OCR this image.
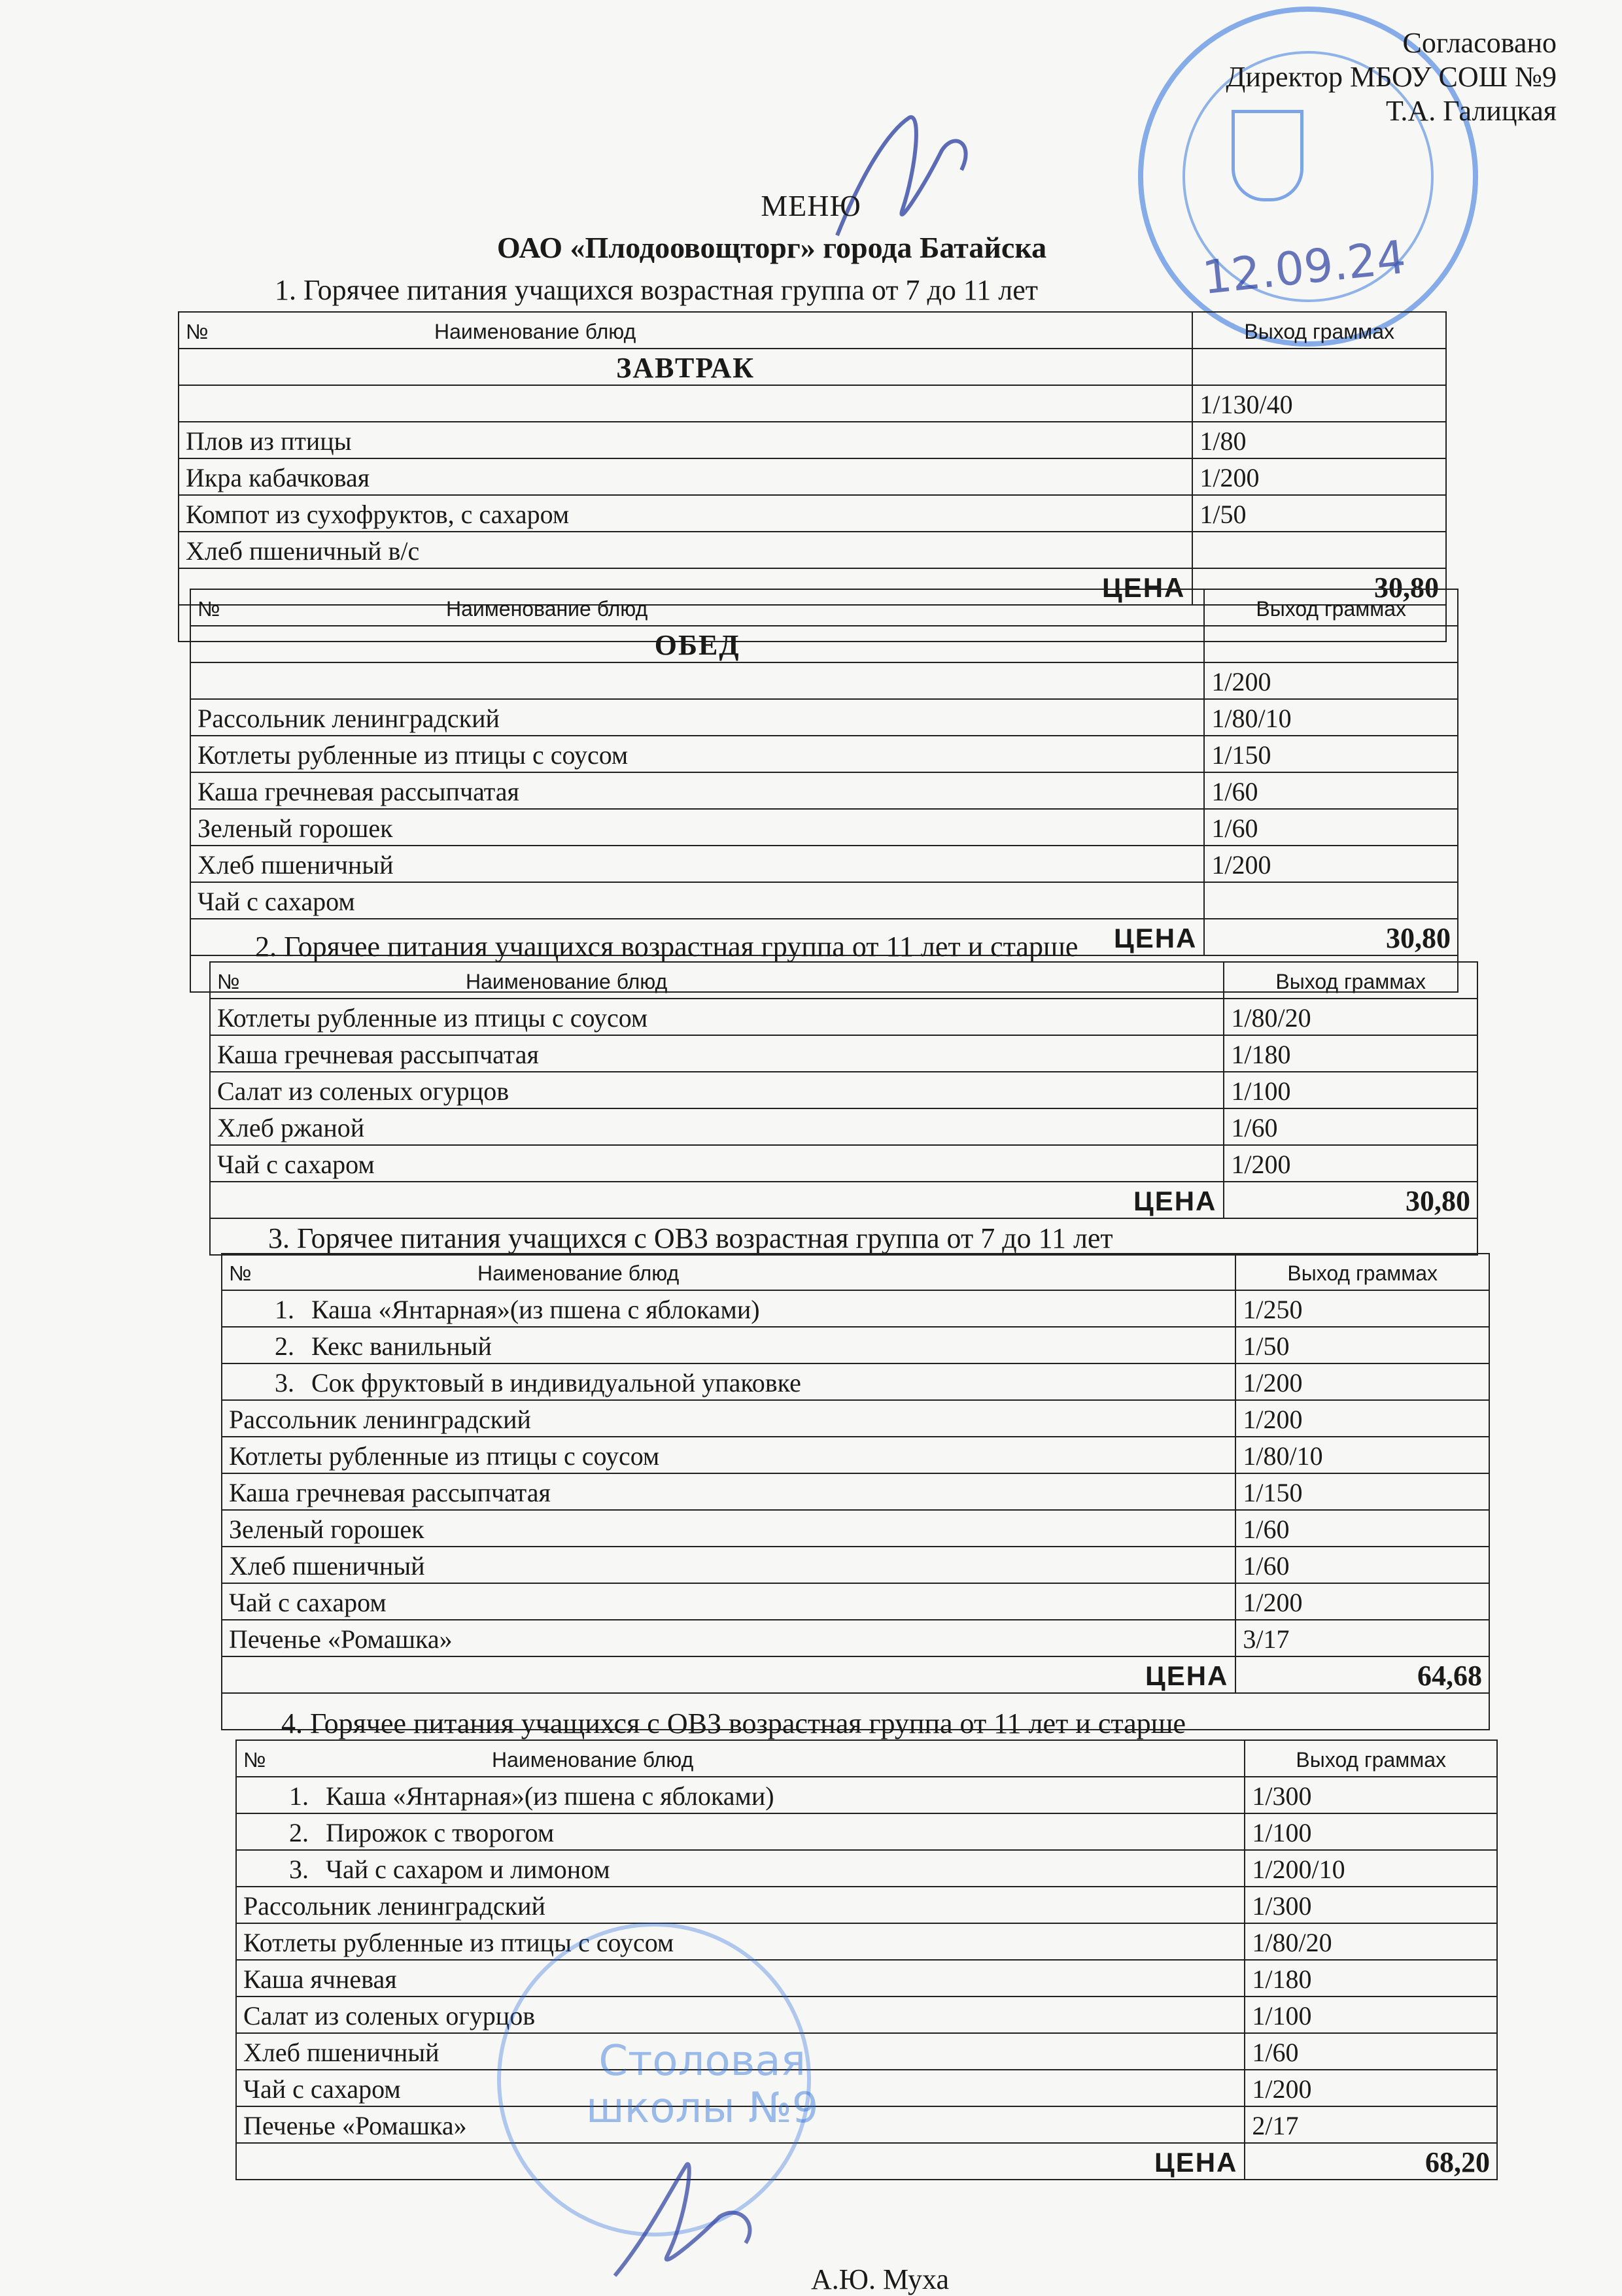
12.09.24
Согласовано
Директор МБОУ СОШ №9
Т.А. Галицкая
МЕНЮ
ОАО «Плодоовощторг» города Батайска
1. Горячее питания учащихся возрастная группа от 7 до 11 лет
№ Наименование блюд	Выход граммах
ЗАВТРАК	
	1/130/40
Плов из птицы	1/80
Икра кабачковая	1/200
Компот из сухофруктов, с сахаром	1/50
Хлеб пшеничный в/с	
ЦЕНА	30,80

№ Наименование блюд	Выход граммах
ОБЕД	
	1/200
Рассольник ленинградский	1/80/10
Котлеты рубленные из птицы с соусом	1/150
Каша гречневая рассыпчатая	1/60
Зеленый горошек	1/60
Хлеб пшеничный	1/200
Чай с сахаром	
ЦЕНА	30,80

2. Горячее питания учащихся возрастная группа от 11 лет и старше
№ Наименование блюд	Выход граммах
Котлеты рубленные из птицы с соусом	1/80/20
Каша гречневая рассыпчатая	1/180
Салат из соленых огурцов	1/100
Хлеб ржаной	1/60
Чай с сахаром	1/200
ЦЕНА	30,80

3. Горячее питания учащихся с ОВЗ возрастная группа от 7 до 11 лет
№ Наименование блюд	Выход граммах
1. Каша «Янтарная»(из пшена с яблоками)	1/250
2. Кекс ванильный	1/50
3. Сок фруктовый в индивидуальной упаковке	1/200
Рассольник ленинградский	1/200
Котлеты рубленные из птицы с соусом	1/80/10
Каша гречневая рассыпчатая	1/150
Зеленый горошек	1/60
Хлеб пшеничный	1/60
Чай с сахаром	1/200
Печенье «Ромашка»	3/17
ЦЕНА	64,68

4. Горячее питания учащихся с ОВЗ возрастная группа от 11 лет и старше
№ Наименование блюд	Выход граммах
1. Каша «Янтарная»(из пшена с яблоками)	1/300
2. Пирожок с творогом	1/100
3. Чай с сахаром и лимоном	1/200/10
Рассольник ленинградский	1/300
Котлеты рубленные из птицы с соусом	1/80/20
Каша ячневая	1/180
Салат из соленых огурцов	1/100
Хлеб пшеничный	1/60
Чай с сахаром	1/200
Печенье «Ромашка»	2/17
ЦЕНА	68,20
Столовая
школы №9
А.Ю. Муха
